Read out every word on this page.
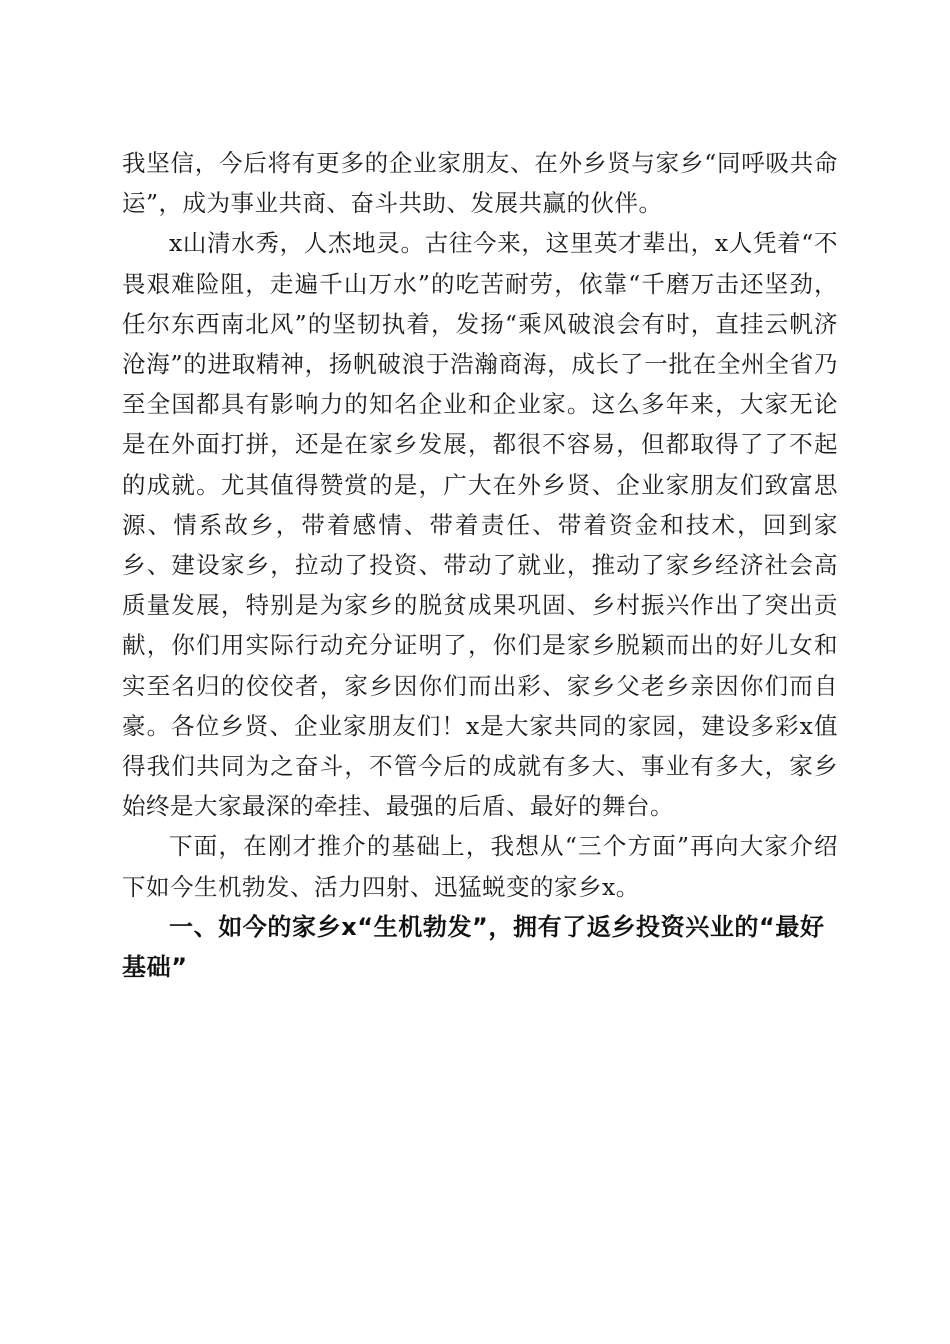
我坚信，今后将有更多的企业家朋友、在外乡贤与家乡“同呼吸共命运”，成为事业共商、奋斗共助、发展共赢的伙伴。

x山清水秀，人杰地灵。古往今来，这里英才辈出，x人凭着“不畏艰难险阻，走遍千山万水”的吃苦耐劳，依靠“千磨万击还坚劲，任尔东西南北风”的坚韧执着，发扬“乘风破浪会有时，直挂云帆济沧海”的进取精神，扬帆破浪于浩瀚商海，成长了一批在全州全省乃至全国都具有影响力的知名企业和企业家。这么多年来，大家无论是在外面打拼，还是在家乡发展，都很不容易，但都取得了了不起的成就。尤其值得赞赏的是，广大在外乡贤、企业家朋友们致富思源、情系故乡，带着感情、带着责任、带着资金和技术，回到家乡、建设家乡，拉动了投资、带动了就业，推动了家乡经济社会高质量发展，特别是为家乡的脱贫成果巩固、乡村振兴作出了突出贡献，你们用实际行动充分证明了，你们是家乡脱颖而出的好儿女和实至名归的佼佼者，家乡因你们而出彩、家乡父老乡亲因你们而自豪。各位乡贤、企业家朋友们！x是大家共同的家园，建设多彩x值得我们共同为之奋斗，不管今后的成就有多大、事业有多大，家乡始终是大家最深的牵挂、最强的后盾、最好的舞台。

下面，在刚才推介的基础上，我想从“三个方面”再向大家介绍下如今生机勃发、活力四射、迅猛蜕变的家乡x。

一、如今的家乡x“生机勃发”，拥有了返乡投资兴业的“最好基础”
